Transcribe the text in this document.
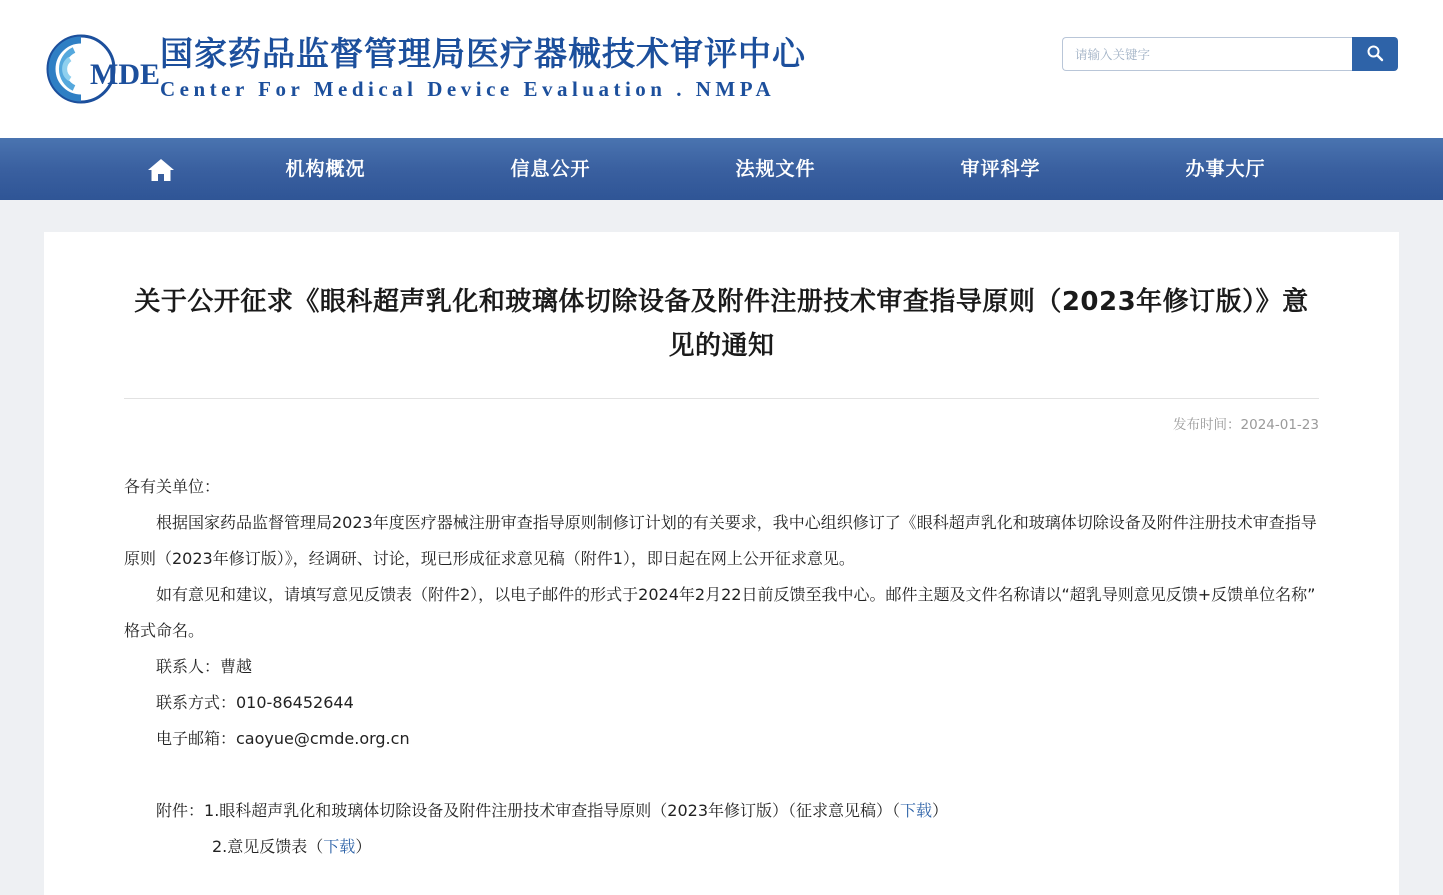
MDE
国家药品监督管理局医疗器械技术审评中心
Center For Medical Device Evaluation . NMPA
请输入关键字
机构概况	信息公开	法规文件	审评科学	办事大厅
关于公开征求《眼科超声乳化和玻璃体切除设备及附件注册技术审查指导原则（2023年修订版）》意见的通知
发布时间：2024-01-23

各有关单位：

根据国家药品监督管理局2023年度医疗器械注册审查指导原则制修订计划的有关要求，我中心组织修订了《眼科超声乳化和玻璃体切除设备及附件注册技术审查指导原则（2023年修订版）》，经调研、讨论，现已形成征求意见稿（附件1），即日起在网上公开征求意见。

如有意见和建议，请填写意见反馈表（附件2），以电子邮件的形式于2024年2月22日前反馈至我中心。邮件主题及文件名称请以“超乳导则意见反馈+反馈单位名称”格式命名。

联系人：曹越

联系方式：010-86452644

电子邮箱：caoyue@cmde.org.cn

附件：1.眼科超声乳化和玻璃体切除设备及附件注册技术审查指导原则（2023年修订版）（征求意见稿）（下载）
2.意见反馈表（下载）
